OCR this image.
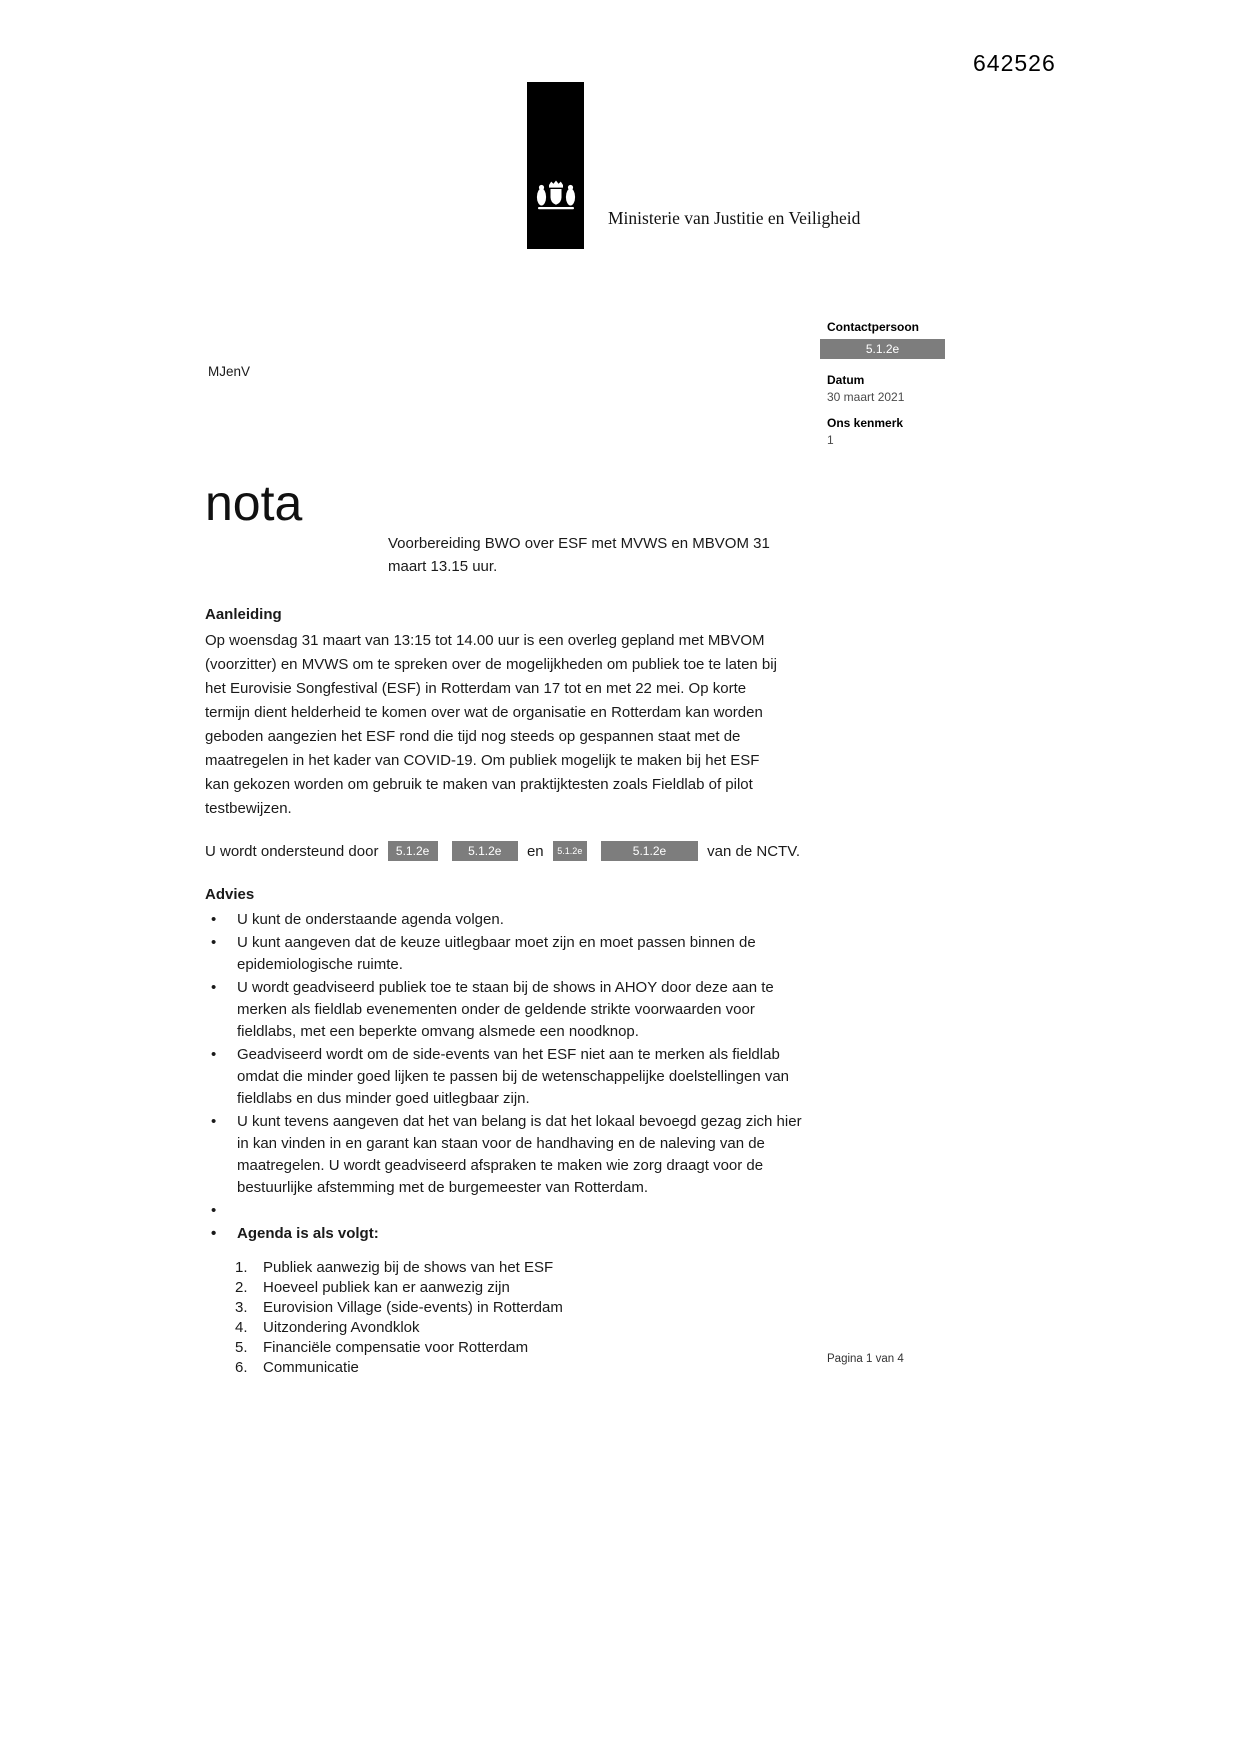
642526
Ministerie van Justitie en Veiligheid
MJenV
Contactpersoon
5.1.2e
Datum
30 maart 2021
Ons kenmerk
1
nota
Voorbereiding BWO over ESF met MVWS en MBVOM 31 maart 13.15 uur.
Aanleiding
Op woensdag 31 maart van 13:15 tot 14.00 uur is een overleg gepland met MBVOM (voorzitter) en MVWS om te spreken over de mogelijkheden om publiek toe te laten bij het Eurovisie Songfestival (ESF) in Rotterdam van 17 tot en met 22 mei. Op korte termijn dient helderheid te komen over wat de organisatie en Rotterdam kan worden geboden aangezien het ESF rond die tijd nog steeds op gespannen staat met de maatregelen in het kader van COVID-19. Om publiek mogelijk te maken bij het ESF kan gekozen worden om gebruik te maken van praktijktesten zoals Fieldlab of pilot testbewijzen.
U wordt ondersteund door 5.1.2e	5.1.2e en 5.1.2e	5.1.2e	van de NCTV.
Advies
• U kunt de onderstaande agenda volgen.
• U kunt aangeven dat de keuze uitlegbaar moet zijn en moet passen binnen de epidemiologische ruimte.
• U wordt geadviseerd publiek toe te staan bij de shows in AHOY door deze aan te merken als fieldlab evenementen onder de geldende strikte voorwaarden voor fieldlabs, met een beperkte omvang alsmede een noodknop.
• Geadviseerd wordt om de side-events van het ESF niet aan te merken als fieldlab omdat die minder goed lijken te passen bij de wetenschappelijke doelstellingen van fieldlabs en dus minder goed uitlegbaar zijn.
• U kunt tevens aangeven dat het van belang is dat het lokaal bevoegd gezag zich hier in kan vinden in en garant kan staan voor de handhaving en de naleving van de maatregelen. U wordt geadviseerd afspraken te maken wie zorg draagt voor de bestuurlijke afstemming met de burgemeester van Rotterdam.
•
• Agenda is als volgt:
1.	Publiek aanwezig bij de shows van het ESF
2.	Hoeveel publiek kan er aanwezig zijn
3.	Eurovision Village (side-events) in Rotterdam
4.	Uitzondering Avondklok
5.	Financiële compensatie voor Rotterdam
6.	Communicatie	Pagina 1 van 4
